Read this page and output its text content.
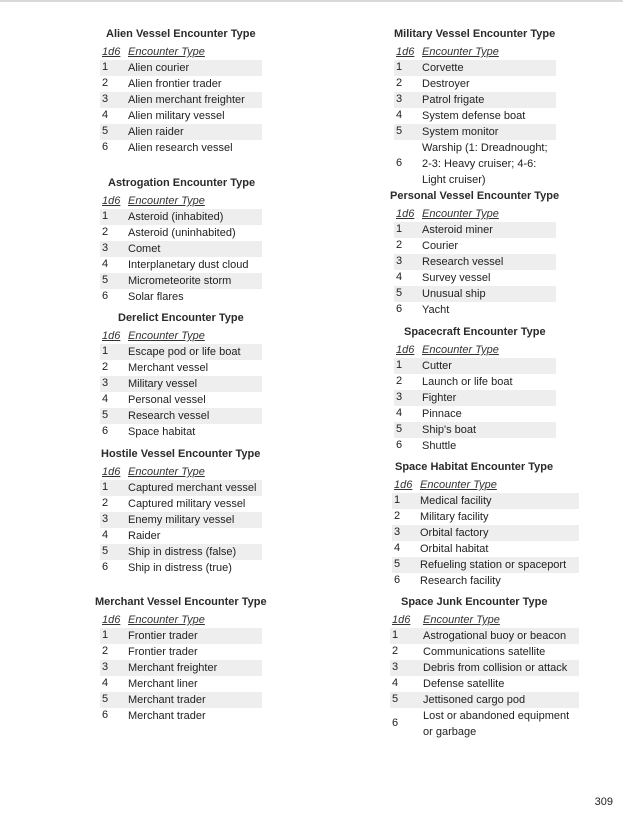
Alien Vessel Encounter Type
1d6 Encounter Type
1 Alien courier
2 Alien frontier trader
3 Alien merchant freighter
4 Alien military vessel
5 Alien raider
6 Alien research vessel
Astrogation Encounter Type
1d6 Encounter Type
1 Asteroid (inhabited)
2 Asteroid (uninhabited)
3 Comet
4 Interplanetary dust cloud
5 Micrometeorite storm
6 Solar flares
Derelict Encounter Type
1d6 Encounter Type
1 Escape pod or life boat
2 Merchant vessel
3 Military vessel
4 Personal vessel
5 Research vessel
6 Space habitat
Hostile Vessel Encounter Type
1d6 Encounter Type
1 Captured merchant vessel
2 Captured military vessel
3 Enemy military vessel
4 Raider
5 Ship in distress (false)
6 Ship in distress (true)
Merchant Vessel Encounter Type
1d6 Encounter Type
1 Frontier trader
2 Frontier trader
3 Merchant freighter
4 Merchant liner
5 Merchant trader
6 Merchant trader
Military Vessel Encounter Type
1d6 Encounter Type
1 Corvette
2 Destroyer
3 Patrol frigate
4 System defense boat
5 System monitor
6
Warship (1: Dreadnought; 2-3: Heavy cruiser; 4-6: Light cruiser)
Personal Vessel Encounter Type
1d6 Encounter Type
1 Asteroid miner
2 Courier
3 Research vessel
4 Survey vessel
5 Unusual ship
6 Yacht
Spacecraft Encounter Type
1d6 Encounter Type
1 Cutter
2 Launch or life boat
3 Fighter
4 Pinnace
5 Ship's boat
6 Shuttle
Space Habitat Encounter Type
1d6 Encounter Type
1 Medical facility
2 Military facility
3 Orbital factory
4 Orbital habitat
5 Refueling station or spaceport
6 Research facility
Space Junk Encounter Type
1d6 Encounter Type
1 Astrogational buoy or beacon
2 Communications satellite
3 Debris from collision or attack
4 Defense satellite
5 Jettisoned cargo pod
6
Lost or abandoned equipment or garbage
309
